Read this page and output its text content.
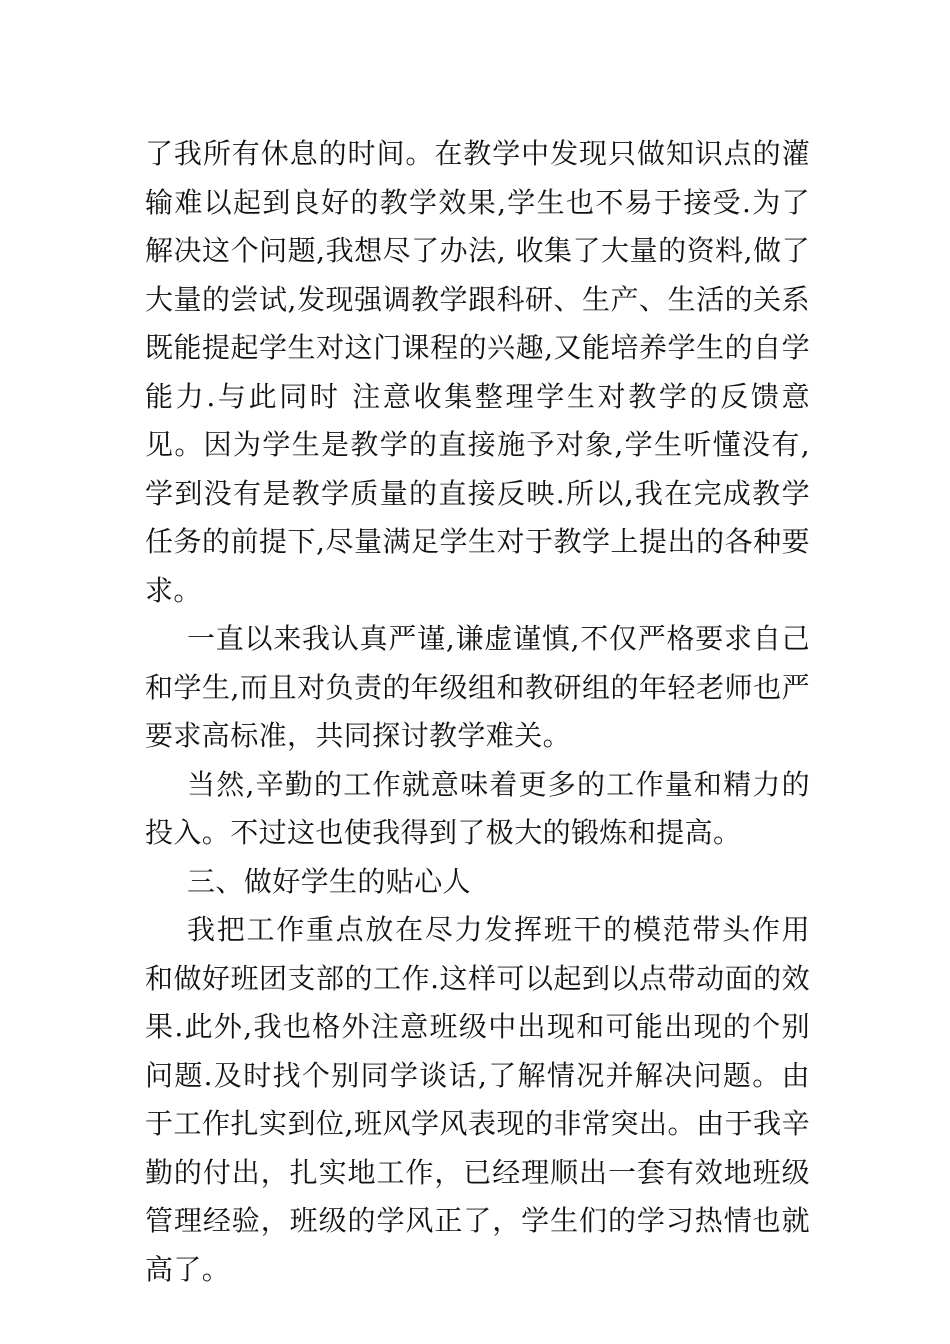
了我所有休息的时间。在教学中发现只做知识点的灌输难以起到良好的教学效果,学生也不易于接受.为了解决这个问题,我想尽了办法, 收集了大量的资料,做了大量的尝试,发现强调教学跟科研、生产、生活的关系既能提起学生对这门课程的兴趣,又能培养学生的自学能力.与此同时 注意收集整理学生对教学的反馈意见。因为学生是教学的直接施予对象,学生听懂没有,学到没有是教学质量的直接反映.所以,我在完成教学任务的前提下,尽量满足学生对于教学上提出的各种要求。

一直以来我认真严谨,谦虚谨慎,不仅严格要求自己和学生,而且对负责的年级组和教研组的年轻老师也严要求高标准，共同探讨教学难关。

当然,辛勤的工作就意味着更多的工作量和精力的投入。不过这也使我得到了极大的锻炼和提高。

三、做好学生的贴心人

我把工作重点放在尽力发挥班干的模范带头作用和做好班团支部的工作.这样可以起到以点带动面的效果.此外,我也格外注意班级中出现和可能出现的个别问题.及时找个别同学谈话,了解情况并解决问题。由于工作扎实到位,班风学风表现的非常突出。由于我辛勤的付出，扎实地工作，已经理顺出一套有效地班级管理经验，班级的学风正了，学生们的学习热情也就高了。
